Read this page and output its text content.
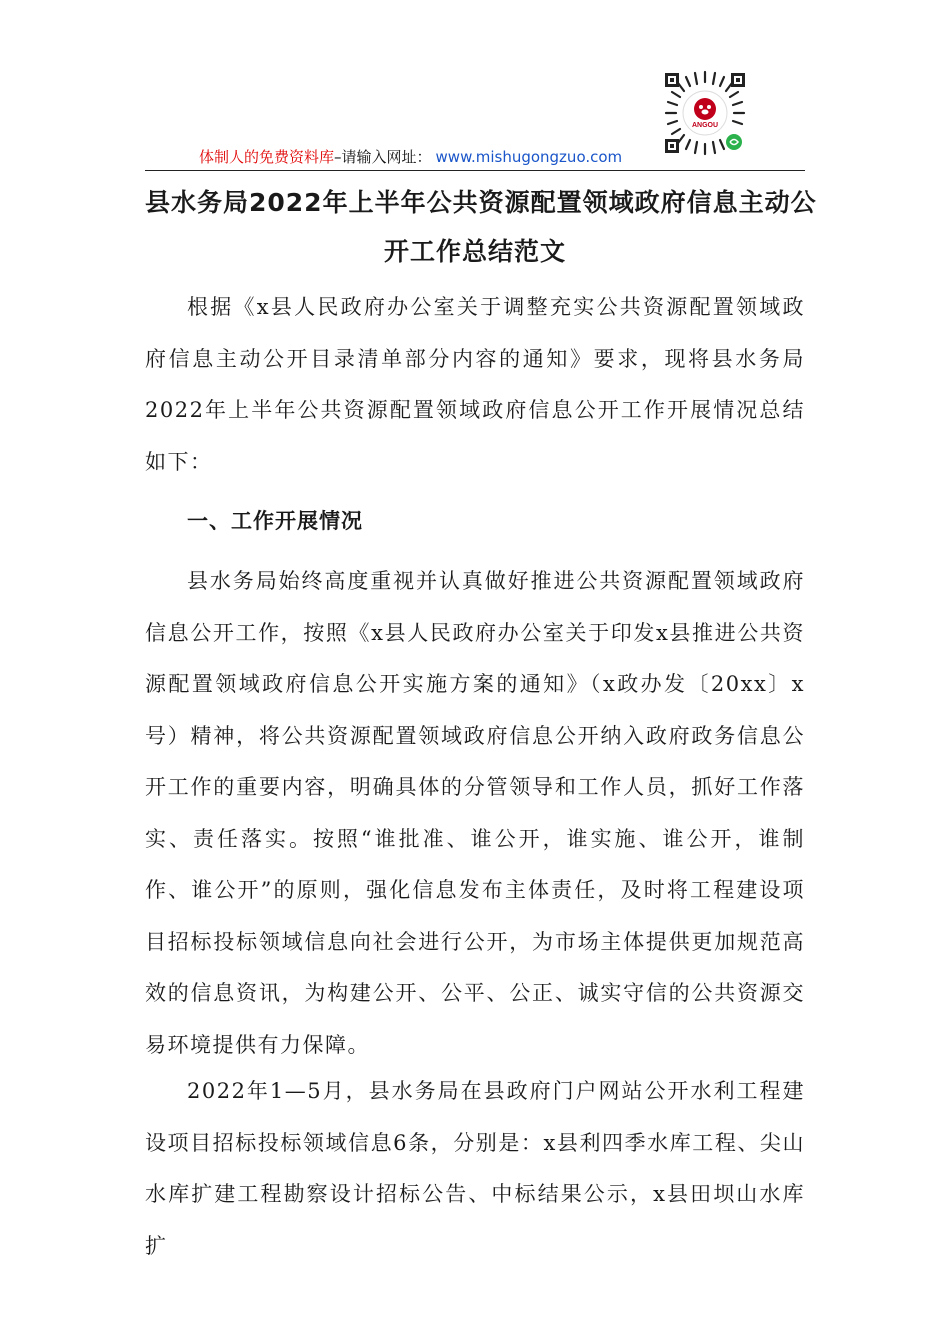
体制人的免费资料库–请输入网址： www.mishugongzuo.com
ANGOU
县水务局2022年上半年公共资源配置领域政府信息主动公
开工作总结范文
根据《x县人民政府办公室关于调整充实公共资源配置领域政府信息主动公开目录清单部分内容的通知》要求，现将县水务局2022年上半年公共资源配置领域政府信息公开工作开展情况总结如下：
一、工作开展情况
县水务局始终高度重视并认真做好推进公共资源配置领域政府信息公开工作，按照《x县人民政府办公室关于印发x县推进公共资源配置领域政府信息公开实施方案的通知》（x政办发〔20xx〕x号）精神，将公共资源配置领域政府信息公开纳入政府政务信息公开工作的重要内容，明确具体的分管领导和工作人员，抓好工作落实、责任落实。按照“谁批准、谁公开，谁实施、谁公开，谁制作、谁公开”的原则，强化信息发布主体责任，及时将工程建设项目招标投标领域信息向社会进行公开，为市场主体提供更加规范高效的信息资讯，为构建公开、公平、公正、诚实守信的公共资源交易环境提供有力保障。
2022年1—5月，县水务局在县政府门户网站公开水利工程建设项目招标投标领域信息6条，分别是：x县利四季水库工程、尖山水库扩建工程勘察设计招标公告、中标结果公示，x县田坝山水库扩
